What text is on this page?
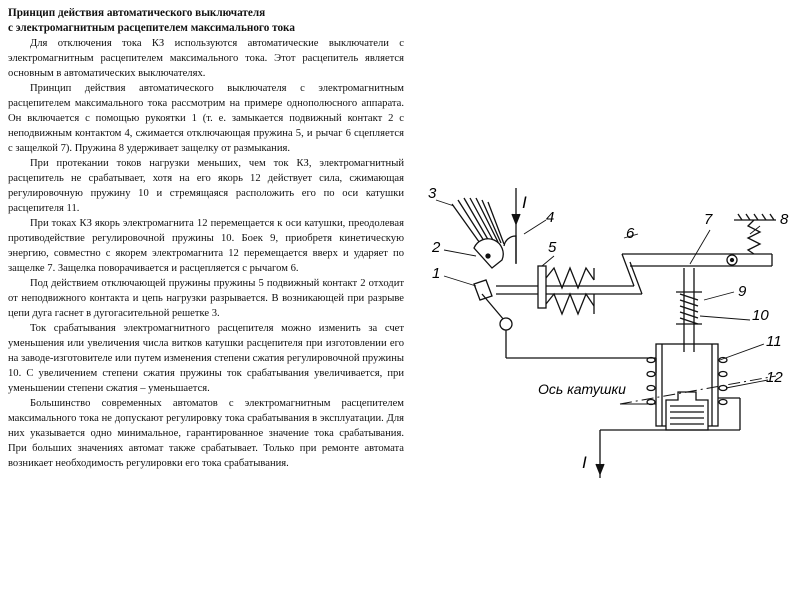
Принцип действия автоматического выключателя
с электромагнитным расцепителем максимального тока

Для отключения тока КЗ используются автоматические выключатели с электромагнитным расцепителем максимального тока. Этот расцепитель является основным в автоматических выключателях.

Принцип действия автоматического выключателя с электромагнитным расцепителем максимального тока рассмотрим на примере однополюсного аппарата. Он включается с помощью рукоятки 1 (т. е. замыкается подвижный контакт 2 с неподвижным контактом 4, сжимается отключающая пружина 5, и рычаг 6 сцепляется с защелкой 7). Пружина 8 удерживает защелку от размыкания.

При протекании токов нагрузки меньших, чем ток КЗ, электромагнитный расцепитель не срабатывает, хотя на его якорь 12 действует сила, сжимающая регулировочную пружину 10 и стремящаяся расположить его по оси катушки расцепителя 11.

При токах КЗ якорь электромагнита 12 перемещается к оси катушки, преодолевая противодействие регулировочной пружины 10. Боек 9, приобретя кинетическую энергию, совместно с якорем электромагнита 12 перемещается вверх и ударяет по защелке 7. Защелка поворачивается и расцепляется с рычагом 6.

Под действием отключающей пружины пружины 5 подвижный контакт 2 отходит от неподвижного контакта и цепь нагрузки разрывается. В возникающей при разрыве цепи дуга гаснет в дугогасительной решетке 3.

Ток срабатывания электромагнитного расцепителя можно изменить за счет уменьшения или увеличения числа витков катушки расцепителя при изготовлении его на заводе-изготовителе или путем изменения степени сжатия регулировочной пружины 10. С увеличением степени сжатия пружины ток срабатывания увеличивается, при уменьшении степени сжатия – уменьшается.

Большинство современных автоматов с электромагнитным расцепителем максимального тока не допускают регулировку тока срабатывания в эксплуатации. Для них указывается одно минимальное, гарантированное значение тока срабатывания. При больших значениях автомат также срабатывает. Только при ремонте автомата возникает необходимость регулировки его тока срабатывания.

3
4
2
1
5
6
7	8
9
10
11
12
I
I
Ось катушки
